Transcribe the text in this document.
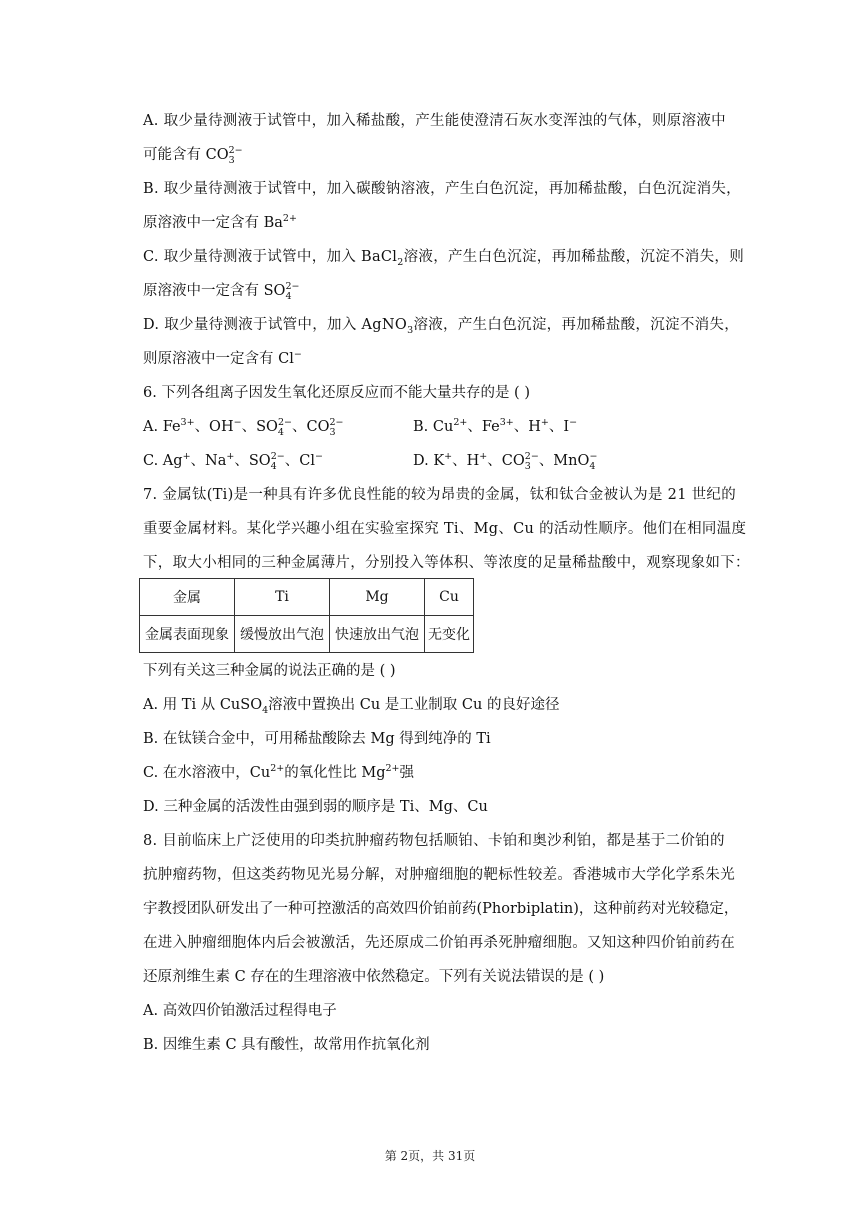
A. 取少量待测液于试管中，加入稀盐酸，产生能使澄清石灰水变浑浊的气体，则原溶液中
可能含有 $CO_3^{2-}$
B. 取少量待测液于试管中，加入碳酸钠溶液，产生白色沉淀，再加稀盐酸，白色沉淀消失，
原溶液中一定含有 $Ba^{2+}$
C. 取少量待测液于试管中，加入 BaCl$_2$溶液，产生白色沉淀，再加稀盐酸，沉淀不消失，则
原溶液中一定含有 $SO_4^{2-}$
D. 取少量待测液于试管中，加入 AgNO$_3$溶液，产生白色沉淀，再加稀盐酸，沉淀不消失，
则原溶液中一定含有 Cl−
6. 下列各组离子因发生氧化还原反应而不能大量共存的是 ( )
A. $Fe^{3+}$、OH−、$SO_4^{2-}$、$CO_3^{2-}$	B. $Cu^{2+}$、$Fe^{3+}$、H+、I−
C. Ag+、Na+、$SO_4^{2-}$、Cl−	D. K+、H+、$CO_3^{2-}$、MnO$_4$−
7. 金属钛(Ti)是一种具有许多优良性能的较为昂贵的金属，钛和钛合金被认为是 21 世纪的
重要金属材料。某化学兴趣小组在实验室探究 Ti、Mg、Cu 的活动性顺序。他们在相同温度
下，取大小相同的三种金属薄片，分别投入等体积、等浓度的足量稀盐酸中，观察现象如下：
金属	Ti	Mg	Cu
金属表面现象	缓慢放出气泡	快速放出气泡	无变化
下列有关这三种金属的说法正确的是 ( )
A. 用 Ti 从 CuSO$_4$溶液中置换出 Cu 是工业制取 Cu 的良好途径
B. 在钛镁合金中，可用稀盐酸除去 Mg 得到纯净的 Ti
C. 在水溶液中，$Cu^{2+}$的氧化性比 $Mg^{2+}$强
D. 三种金属的活泼性由强到弱的顺序是 Ti、Mg、Cu
8. 目前临床上广泛使用的印类抗肿瘤药物包括顺铂、卡铂和奥沙利铂，都是基于二价铂的
抗肿瘤药物，但这类药物见光易分解，对肿瘤细胞的靶标性较差。香港城市大学化学系朱光
宇教授团队研发出了一种可控激活的高效四价铂前药(Phorbiplatin)，这种前药对光较稳定，
在进入肿瘤细胞体内后会被激活，先还原成二价铂再杀死肿瘤细胞。又知这种四价铂前药在
还原剂维生素 C 存在的生理溶液中依然稳定。下列有关说法错误的是 ( )
A. 高效四价铂激活过程得电子
B. 因维生素 C 具有酸性，故常用作抗氧化剂
第 2页，共 31页
